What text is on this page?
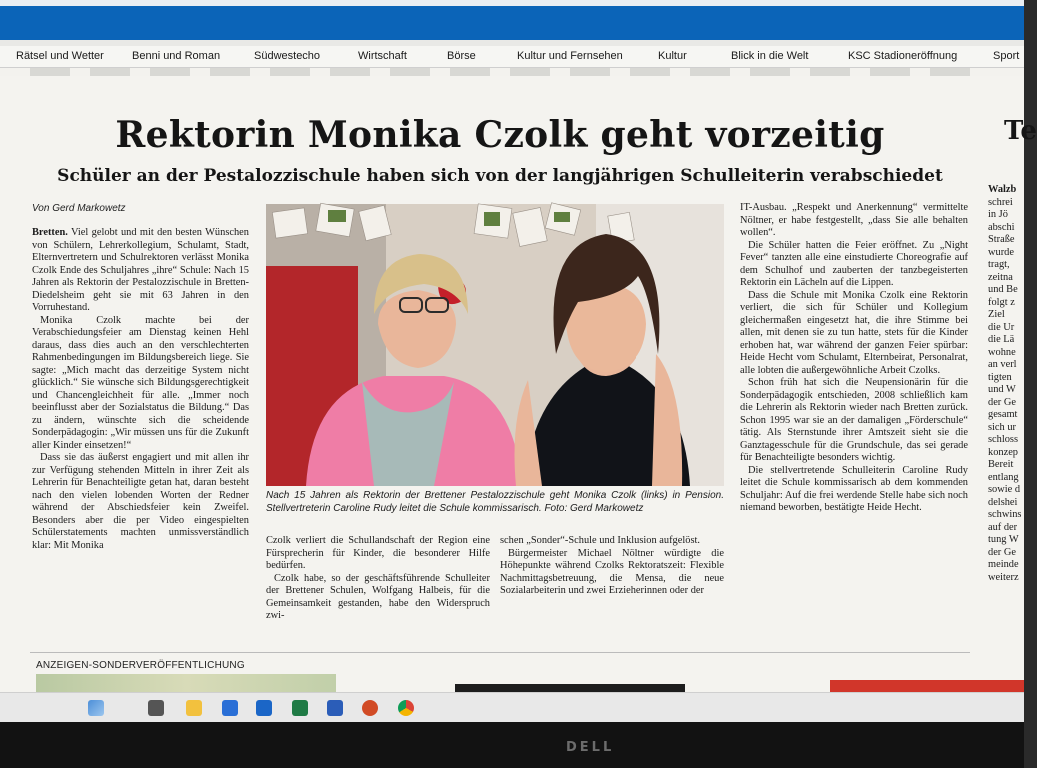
Rätsel und Wetter	Benni und Roman	Südwestecho	Wirtschaft	Börse	Kultur und Fernsehen	Kultur	Blick in die Welt	KSC Stadioneröffnung	Sport
Rektorin Monika Czolk geht vorzeitig	Te
Schüler an der Pestalozzischule haben sich von der langjährigen Schulleiterin verabschiedet
Von Gerd Markowetz

Bretten. Viel gelobt und mit den besten Wünschen von Schülern, Lehrerkollegium, Schulamt, Stadt, Elternvertretern und Schulrektoren verlässt Monika Czolk Ende des Schuljahres „ihre“ Schule: Nach 15 Jahren als Rektorin der Pestalozzischule in Bretten-Diedelsheim geht sie mit 63 Jahren in den Vorruhestand.

Monika Czolk machte bei der Verabschiedungsfeier am Dienstag keinen Hehl daraus, dass dies auch an den verschlechterten Rahmenbedingungen im Bildungsbereich liege. Sie sagte: „Mich macht das derzeitige System nicht glücklich.“ Sie wünsche sich Bildungsgerechtigkeit und Chancengleichheit für alle. „Immer noch beeinflusst aber der Sozialstatus die Bildung.“ Das zu ändern, wünschte sich die scheidende Sonderpädagogin: „Wir müssen uns für die Zukunft aller Kinder einsetzen!“

Dass sie das äußerst engagiert und mit allen ihr zur Verfügung stehenden Mitteln in ihrer Zeit als Lehrerin für Benachteiligte getan hat, daran besteht nach den vielen lobenden Worten der Redner während der Abschiedsfeier kein Zweifel. Besonders aber die per Video eingespielten Schülerstatements machten unmissverständlich klar: Mit Monika

Nach 15 Jahren als Rektorin der Brettener Pestalozzischule geht Monika Czolk (links) in Pension. Stellvertreterin Caroline Rudy leitet die Schule kommissarisch. Foto: Gerd Markowetz

Czolk verliert die Schullandschaft der Region eine Fürsprecherin für Kinder, die besonderer Hilfe bedürfen.

Czolk habe, so der geschäftsführende Schulleiter der Brettener Schulen, Wolfgang Halbeis, für die Gemeinsamkeit gestanden, habe den Widerspruch zwi-

schen „Sonder“-Schule und Inklusion aufgelöst.

Bürgermeister Michael Nöltner würdigte die Höhepunkte während Czolks Rektoratszeit: Flexible Nachmittagsbetreuung, die Mensa, die neue Sozialarbeiterin und zwei Erzieherinnen oder der

IT-Ausbau. „Respekt und Anerkennung“ vermittelte Nöltner, er habe festgestellt, „dass Sie alle behalten wollen“.

Die Schüler hatten die Feier eröffnet. Zu „Night Fever“ tanzten alle eine einstudierte Choreografie auf dem Schulhof und zauberten der tanzbegeisterten Rektorin ein Lächeln auf die Lippen.

Dass die Schule mit Monika Czolk eine Rektorin verliert, die sich für Schüler und Kollegium gleichermaßen eingesetzt hat, die ihre Stimme bei allen, mit denen sie zu tun hatte, stets für die Kinder erhoben hat, war während der ganzen Feier spürbar: Heide Hecht vom Schulamt, Elternbeirat, Personalrat, alle lobten die außergewöhnliche Arbeit Czolks.

Schon früh hat sich die Neupensionärin für die Sonderpädagogik entschieden, 2008 schließlich kam die Lehrerin als Rektorin wieder nach Bretten zurück. Schon 1995 war sie an der damaligen „Förderschule“ tätig. Als Sternstunde ihrer Amtszeit sieht sie die Ganztagesschule für die Grundschule, das sei gerade für Benachteiligte besonders wichtig.

Die stellvertretende Schulleiterin Caroline Rudy leitet die Schule kommissarisch ab dem kommenden Schuljahr: Auf die frei werdende Stelle habe sich noch niemand beworben, bestätigte Heide Hecht.

Walzb
schrei
in Jö
abschi
Straße
wurde
tragt,
zeitna
und Be
folgt z
Ziel
die Ur
die Lä
wohne
an verl
tigten
und W
der Ge
gesamt
sich ur
schloss
konzep
Bereit
entlang
sowie d
delshei
schwins
auf der
tung W
der Ge
meinde
weiterz
ANZEIGEN-SONDERVERÖFFENTLICHUNG
DELL
